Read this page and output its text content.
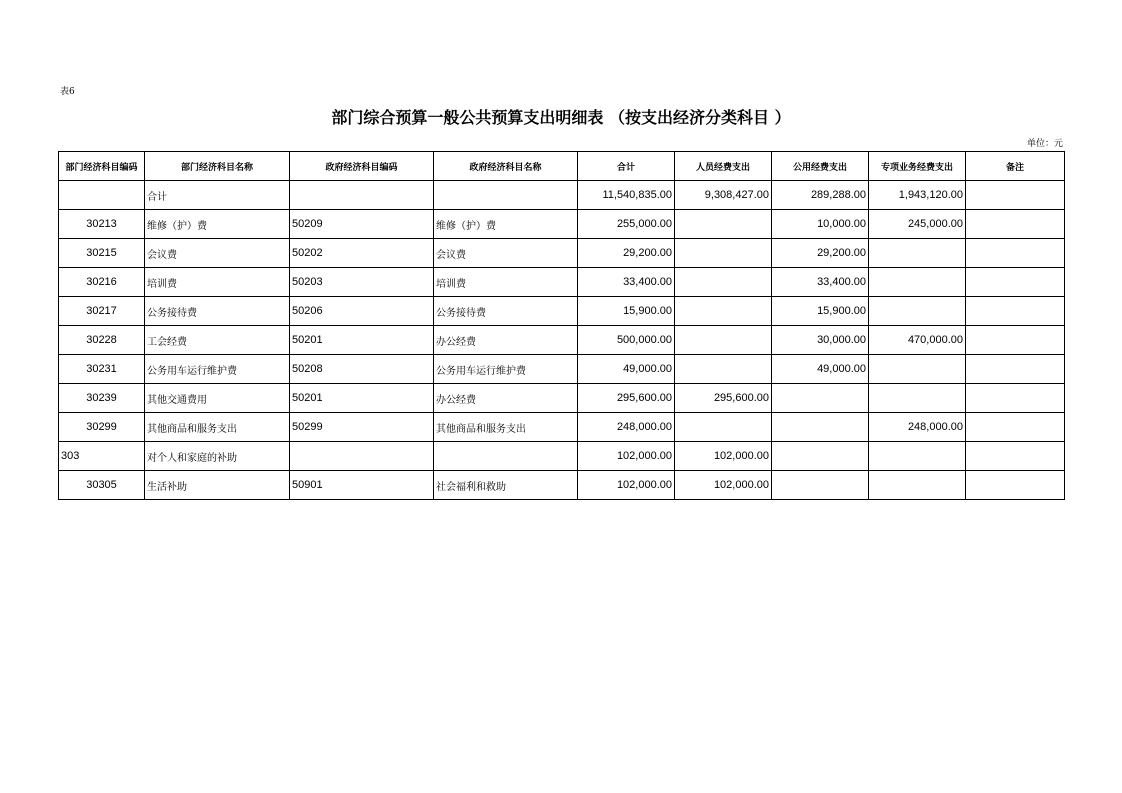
表6
部门综合预算一般公共预算支出明细表 （按支出经济分类科目 ）
单位：元
部门经济科目编码	部门经济科目名称	政府经济科目编码	政府经济科目名称	合计	人员经费支出	公用经费支出	专项业务经费支出	备注
	合计			11,540,835.00	9,308,427.00	289,288.00	1,943,120.00	
30213	维修（护）费	50209	维修（护）费	255,000.00		10,000.00	245,000.00	
30215	会议费	50202	会议费	29,200.00		29,200.00		
30216	培训费	50203	培训费	33,400.00		33,400.00		
30217	公务接待费	50206	公务接待费	15,900.00		15,900.00		
30228	工会经费	50201	办公经费	500,000.00		30,000.00	470,000.00	
30231	公务用车运行维护费	50208	公务用车运行维护费	49,000.00		49,000.00		
30239	其他交通费用	50201	办公经费	295,600.00	295,600.00			
30299	其他商品和服务支出	50299	其他商品和服务支出	248,000.00			248,000.00	
303	对个人和家庭的补助			102,000.00	102,000.00			
30305	生活补助	50901	社会福利和救助	102,000.00	102,000.00			
